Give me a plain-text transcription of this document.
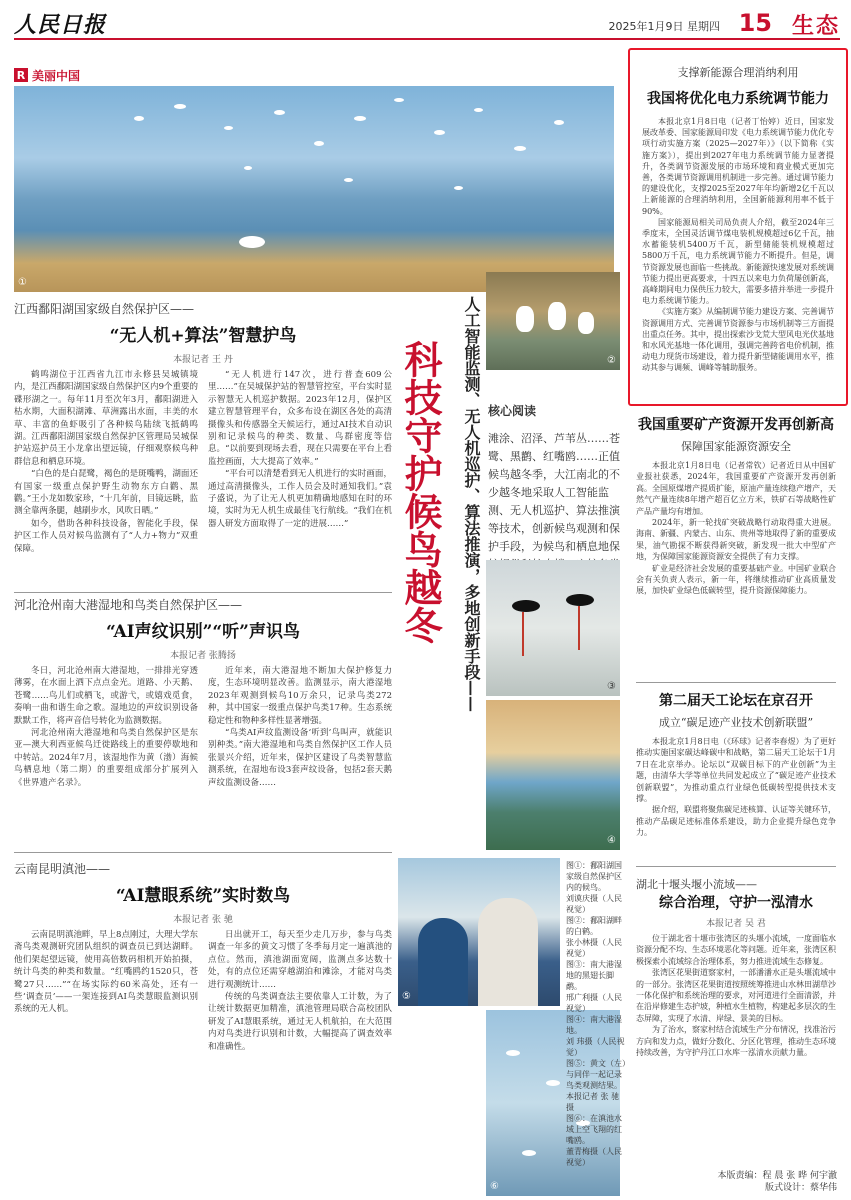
人民日报	2025年1月9日 星期四 15 生态
R 美丽中国
①
②
科技守护候鸟越冬	人工智能监测、无人机巡护、算法推演，多地创新手段—— 核心阅读
滩涂、沼泽、芦苇丛……苍鹭、黑鹳、红嘴鸥……正值候鸟越冬季，大江南北的不少越冬地采取人工智能监测、无人机巡护、算法推演等技术，创新候鸟观测和保护手段，为候鸟和栖息地保
③
④
⑤
⑥
图①：鄱阳湖国家级自然保护区内的候鸟。
刘谟庆摄（人民视觉）
图②：鄱阳湖畔的白鹤。
张小林摄（人民视觉）
图③：南大港湿地的黑翅长脚鹬。
邢广利摄（人民视觉）
图④：南大港湿地。
刘 玮摄（人民视觉）
图⑤：黄文（左）与同伴一起记录鸟类观测结果。
本报记者 张 驰摄
图⑥：在滇池水域上空飞翔的红嘴鸥。
董青梅摄（人民视觉）
江西鄱阳湖国家级自然保护区——
“无人机+算法”智慧护鸟
本报记者 王 丹

鹤鸣湖位于江西省九江市永修县吴城镇境内，是江西鄱阳湖国家级自然保护区内9个重要的碟形湖之一。每年11月至次年3月，鄱阳湖进入枯水期，大面积湖滩、草洲露出水面，丰美的水草、丰富的鱼虾吸引了各种候鸟陆续飞抵鹤鸣湖。江西鄱阳湖国家级自然保护区管理局吴城保护站巡护员王小龙拿出望远镜，仔细观察候鸟种群信息和栖息环境。

“白色的是白琵鹭，褐色的是斑嘴鸭，湖面还有国家一级重点保护野生动物东方白鹳、黑鹳。”王小龙如数家珍，“十几年前，目镜远眺，监测全靠两条腿，越刷步水，风吹日晒。”

如今，借助各种科技设备，智能化手段，保护区工作人员对候鸟监测有了“人力+物力”双重保障。

“无人机进行147次，进行普查609公里……”在吴城保护站的智慧管控室，平台实时显示智慧无人机巡护数据。2023年12月，保护区建立智慧管理平台，众多布设在湖区各处的高清摄像头和传感器全天候运行，通过AI技术自动识别和记录候鸟的种类、数量、鸟群密度等信息。“以前要到现场去看，现在只需要在平台上看监控画面，大大提高了效率。”

“平台可以清楚看到无人机进行的实时画面，通过高清摄像头，工作人员会及时通知我们。”袁子盛说，为了让无人机更加精确地感知在时的环境，实时为无人机生成最佳飞行航线。“我们在机器人研发方面取得了一定的进展……”

河北沧州南大港湿地和鸟类自然保护区——
“AI声纹识别”“听”声识鸟
本报记者 张腾扬

冬日，河北沧州南大港湿地，一排排光穿透薄雾，在水面上洒下点点金光。道路、小天鹅、苍鹭……鸟儿们或栖飞，或游弋，或嬉戏觅食，奏响一曲和谐生命之歌。湿地边的声纹识别设备默默工作，将声音信号转化为监测数据。

河北沧州南大港湿地和鸟类自然保护区是东亚—澳大利西亚候鸟迁徙路线上的重要停歇地和中转站。2024年7月，该湿地作为黄（渤）海候鸟栖息地（第二期）的重要组成部分扩展列入《世界遗产名录》。

近年来，南大港湿地不断加大保护修复力度，生态环境明显改善。监测显示，南大港湿地2023年观测到候鸟10万余只，记录鸟类272种，其中国家一级重点保护鸟类17种。生态系统稳定性和物种多样性显著增强。

“鸟类AI声纹监测设备‘听到’鸟叫声，就能识别种类。”南大港湿地和鸟类自然保护区工作人员张景兴介绍，近年来，保护区建设了鸟类智慧监测系统，在湿地布设3套声纹设备，包括2套天鹅声纹监测设备……

云南昆明滇池——
“AI慧眼系统”实时数鸟
本报记者 张 驰

云南昆明滇池畔，早上8点刚过，大理大学东斋鸟类观测研究团队组织的调查员已到达湖畔。他们架起望远镜，使用高倍数码相机开始拍摄，统计鸟类的种类和数量。“红嘴鸥约1520只，苍鹭27只……”“在场实际约60米高处，还有一些‘调查员’——一架连接到AI鸟类慧眼监测识别系统的无人机。

日出就开工，每天至少走几万步，参与鸟类调查一年多的黄文习惯了冬季每月定一遍滇池的点位。然而，滇池湖面宽阔，监测点多达数十处，有的点位还需穿越湖泊和滩涂，才能对鸟类进行观测统计……

传统的鸟类调查法主要依靠人工计数，为了让统计数据更加精准，滇池管理局联合高校团队研发了AI慧眼系统，通过无人机航拍，在大范围内对鸟类进行识别和计数，大幅提高了调查效率和准确性。

支撑新能源合理消纳利用
我国将优化电力系统调节能力

本报北京1月8日电（记者丁怡婷）近日，国家发展改革委、国家能源局印发《电力系统调节能力优化专项行动实施方案（2025—2027年）》（以下简称《实施方案》），提出到2027年电力系统调节能力显著提升，各类调节资源发展的市场环境和商业模式更加完善，各类调节资源调用机制进一步完善。通过调节能力的建设优化，支撑2025至2027年年均新增2亿千瓦以上新能源的合理消纳利用，全国新能源利用率不低于90%。

国家能源局相关司局负责人介绍，截至2024年三季度末，全国灵活调节煤电装机规模超过6亿千瓦，抽水蓄能装机5400万千瓦，新型储能装机规模超过5800万千瓦，电力系统调节能力不断提升。但是，调节资源发展也面临一些挑战。新能源快速发展对系统调节能力提出更高要求，十四五以来电力负荷屡创新高，高峰期间电力保供压力较大，需要多措并举进一步提升电力系统调节能力。

《实施方案》从编制调节能力建设方案、完善调节资源调用方式、完善调节资源参与市场机制等三方面提出重点任务。其中，提出探索沙戈荒大型风电光伏基地和水风光基地一体化调用，强调完善跨省电价机制，推动电力现货市场建设，着力提升新型储能调用水平，推动其参与调频、调峰等辅助服务。

我国重要矿产资源开发再创新高
保障国家能源资源安全

本报北京1月8日电（记者常钦）记者近日从中国矿业报社获悉，2024年，我国重要矿产资源开发再创新高。全国原煤增产提质扩能，原油产量连续稳产增产，天然气产量连续8年增产超百亿立方米，铁矿石等战略性矿产品产量均有增加。

2024年，新一轮找矿突破战略行动取得重大进展。海南、新疆、内蒙古、山东、贵州等地取得了新的重要成果，油气勘探不断获得新突破，新发现一批大中型矿产地，为保障国家能源资源安全提供了有力支撑。

矿业是经济社会发展的重要基础产业。中国矿业联合会有关负责人表示，新一年，将继续推动矿业高质量发展，加快矿业绿色低碳转型，提升资源保障能力。

第二届天工论坛在京召开
成立“碳足迹产业技术创新联盟”

本报北京1月8日电（《环球》记者李春煜）为了更好推动实施国家碳达峰碳中和战略，第二届天工论坛于1月7日在北京举办。论坛以“双碳目标下的产业创新”为主题，由清华大学等单位共同发起成立了“碳足迹产业技术创新联盟”，为推动重点行业绿色低碳转型提供技术支撑。

据介绍，联盟将聚焦碳足迹核算、认证等关键环节，推动产品碳足迹标准体系建设，助力企业提升绿色竞争力。

湖北十堰头堰小流域——
综合治理，守护一泓清水
本报记者 吴 君

位于湖北省十堰市张湾区的头堰小流域，一度面临水资源分配不均、生态环境恶化等问题。近年来，张湾区积极探索小流域综合治理体系，努力推进流域生态修复。

张湾区花果街道察家村，一部潘潘水正是头堰流域中的一部分。张湾区花果街道按照统筹推进山水林田湖草沙一体化保护和系统治理的要求，对河道进行全面清淤，并在沿岸修建生态护坡，种植水生植物，构建起多层次的生态屏障，实现了水清、岸绿、景美的目标。

为了治水，察家村结合流域生产分布情况，找准治污方向和发力点，做好分数化、分区化管理，推动生态环境持续改善，为守护丹江口水库一泓清水贡献力量。

本版责编：程 晨 张 晔 何宇澈
版式设计：蔡华伟
